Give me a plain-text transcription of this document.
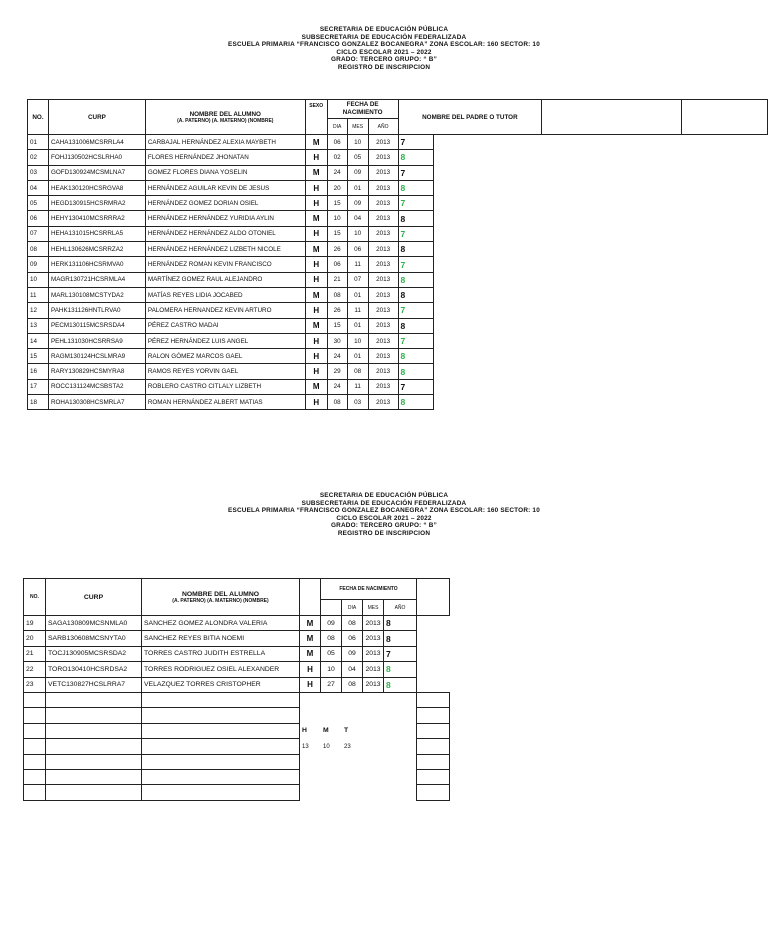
SECRETARIA DE EDUCACIÓN PÚBLICA
SUBSECRETARIA DE EDUCACIÓN FEDERALIZADA
ESCUELA PRIMARIA “FRANCISCO GONZALEZ BOCANEGRA” ZONA ESCOLAR: 160 SECTOR: 10
CICLO ESCOLAR 2021 – 2022
GRADO: TERCERO GRUPO: “ B”
REGISTRO DE INSCRIPCION
NO.	CURP	NOMBRE DEL ALUMNO
(A. PATERNO) (A. MATERNO) (NOMBRE)	SEXO	FECHA DE NACIMIENTO			NOMBRE DEL PADRE O TUTOR		
				DIA	MES	AÑO			
01	CAHA131006MCSRRLA4	CARBAJAL HERNÁNDEZ ALEXIA MAYBETH	M	06	10	2013	7		
02	FOHJ130502HCSLRHA0	FLORES HERNÁNDEZ JHONATAN	H	02	05	2013	8		
03	GOFD130924MCSMLNA7	GOMEZ FLORES DIANA YOSELIN	M	24	09	2013	7		
04	HEAK130120HCSRGVA8	HERNÁNDEZ AGUILAR KEVIN DE JESUS	H	20	01	2013	8		
05	HEGD130915HCSRMRA2	HERNÁNDEZ GOMEZ DORIAN OSIEL	H	15	09	2013	7		
06	HEHY130410MCSRRRA2	HERNÁNDEZ HERNÁNDEZ YURIDIA AYLIN	M	10	04	2013	8		
07	HEHA131015HCSRRLA5	HERNÁNDEZ HERNÁNDEZ ALDO OTONIEL	H	15	10	2013	7		
08	HEHL130626MCSRRZA2	HERNÁNDEZ HERNÁNDEZ LIZBETH NICOLE	M	26	06	2013	8		
09	HERK131106HCSRMVA0	HERNÁNDEZ ROMAN KEVIN FRANCISCO	H	06	11	2013	7		
10	MAGR130721HCSRMLA4	MARTÍNEZ GOMEZ RAUL ALEJANDRO	H	21	07	2013	8		
11	MARL130108MCSTYDA2	MATÍAS REYES LIDIA JOCABED	M	08	01	2013	8		
12	PAHK131126HNTLRVA0	PALOMERA HERNANDEZ KEVIN ARTURO	H	26	11	2013	7		
13	PECM130115MCSRSDA4	PÉREZ CASTRO MADAI	M	15	01	2013	8		
14	PEHL131030HCSRRSA9	PÉREZ HERNÁNDEZ LUIS ANGEL	H	30	10	2013	7		
15	RAGM130124HCSLMRA9	RALON GÓMEZ MARCOS GAEL	H	24	01	2013	8		
16	RARY130829HCSMYRA8	RAMOS REYES YORVIN GAEL	H	29	08	2013	8		
17	ROCC131124MCSBSTA2	ROBLERO CASTRO CITLALY LIZBETH	M	24	11	2013	7		
18	ROHA130308HCSMRLA7	ROMAN HERNÁNDEZ ALBERT MATIAS	H	08	03	2013	8		
SECRETARIA DE EDUCACIÓN PÚBLICA
SUBSECRETARIA DE EDUCACIÓN FEDERALIZADA
ESCUELA PRIMARIA “FRANCISCO GONZALEZ BOCANEGRA” ZONA ESCOLAR: 160 SECTOR: 10
CICLO ESCOLAR 2021 – 2022
GRADO: TERCERO GRUPO: “ B”
REGISTRO DE INSCRIPCION
NO.	CURP	NOMBRE DEL ALUMNO
(A. PATERNO) (A. MATERNO) (NOMBRE)		FECHA DE NACIMIENTO				
					DIA	MES	AÑO	
19	SAGA130809MCSNMLA0	SANCHEZ GOMEZ ALONDRA VALERIA	M	09	08	2013	8	
20	SARB130608MCSNYTA0	SANCHEZ REYES BITIA NOEMI	M	08	06	2013	8	
21	TOCJ130905MCSRSDA2	TORRES CASTRO JUDITH ESTRELLA	M	05	09	2013	7	
22	TORO130410HCSRDSA2	TORRES RODRIGUEZ OSIEL ALEXANDER	H	10	04	2013	8	
23	VETC130827HCSLRRA7	VELAZQUEZ TORRES CRISTOPHER	H	27	08	2013	8	

			H M T					
			13 10 23					
